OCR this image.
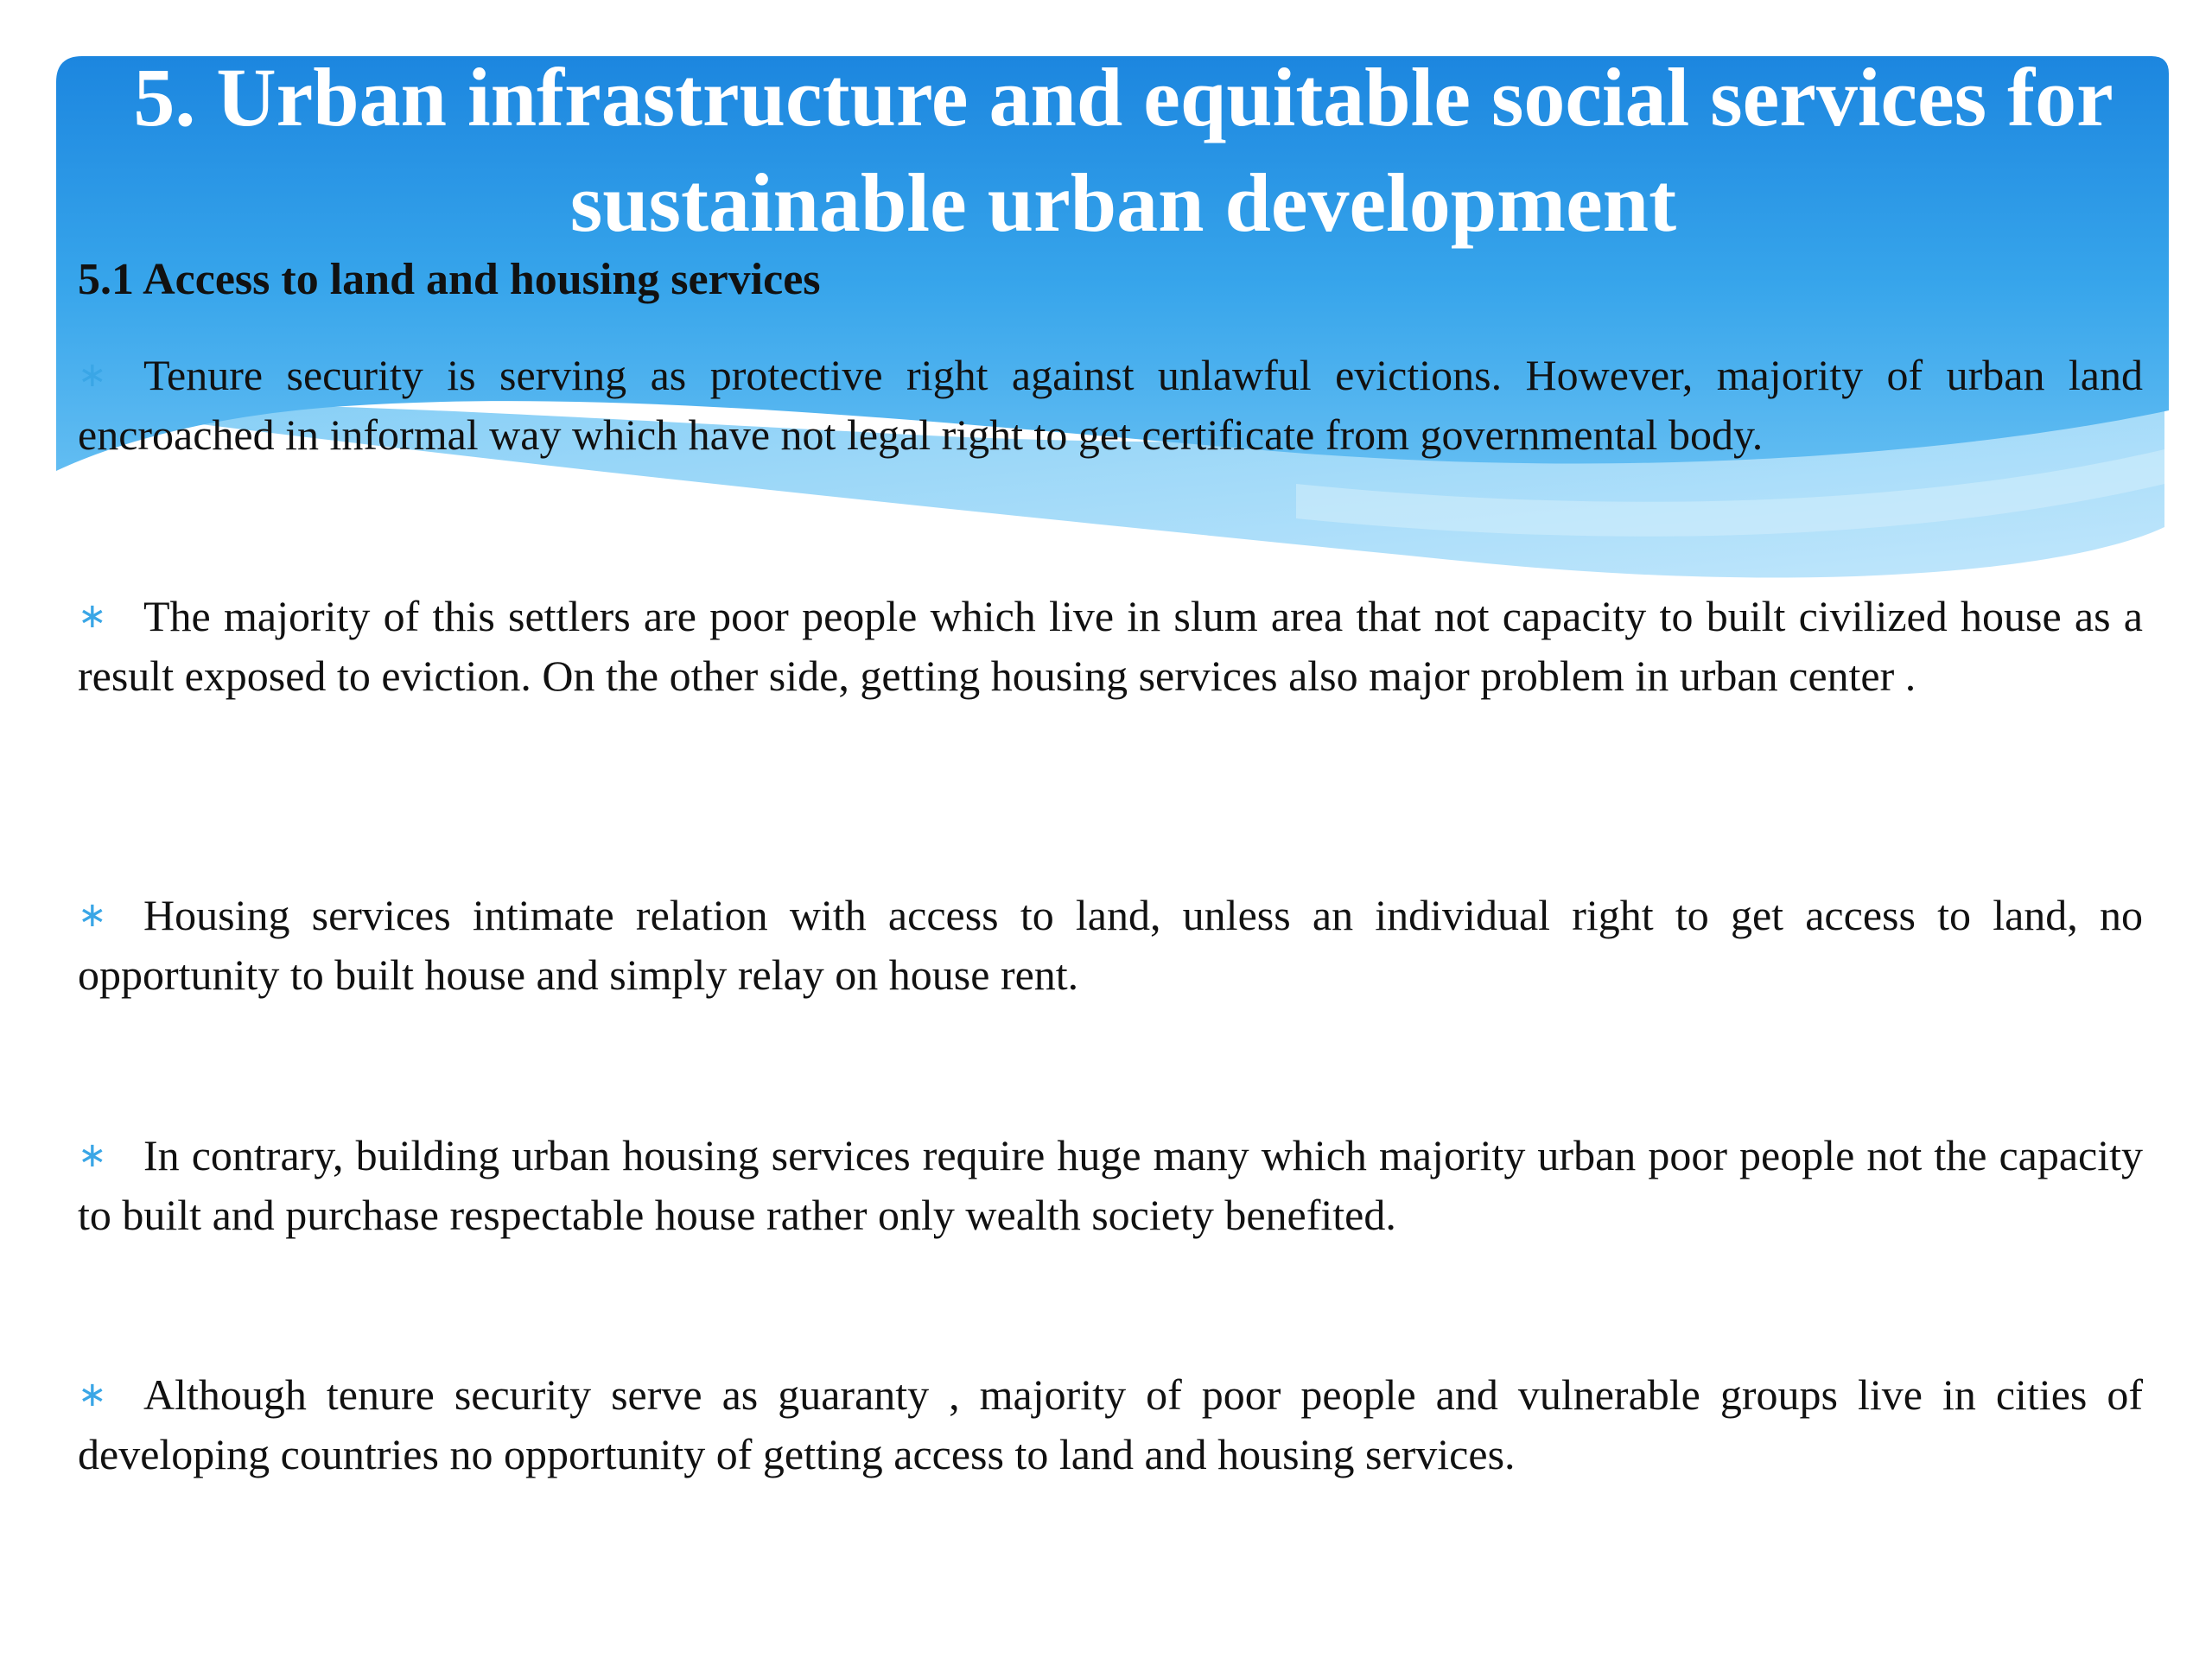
5. Urban infrastructure and equitable social services for sustainable urban development
5.1 Access to land and housing services

∗ Tenure security is serving as protective right against unlawful evictions. However, majority of urban land encroached in informal way which have not legal right to get certificate from governmental body.

∗ The majority of this settlers are poor people which live in slum area that not capacity to built civilized house as a result exposed to eviction. On the other side, getting housing services also major problem in urban center .

∗ Housing services intimate relation with access to land, unless an individual right to get access to land, no opportunity to built house and simply relay on house rent.

∗ In contrary, building urban housing services require huge many which majority urban poor people not the capacity to built and purchase respectable house rather only wealth society benefited.

∗ Although tenure security serve as guaranty , majority of poor people and vulnerable groups live in cities of developing countries no opportunity of getting access to land and housing services.
